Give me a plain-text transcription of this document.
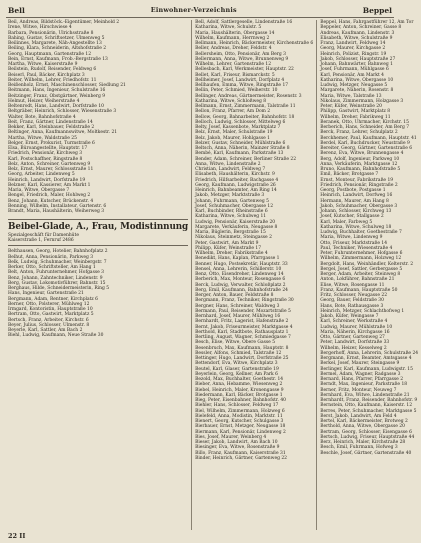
Bell	Einwohner-Verzeichnis	Beppel
Beil, Andreas, Bildstöck.-Eigentümer, Meinhold 2
Irene, Witwe, Hirschwiese 4
Barbara, Pensionärin, Ulrichsstraße 8
Bahing, Gustav, Schriftsetzer, Ulmenweg 5
Beilinnes, Margarete, Näh-Angestellte 13
Beiling, Klara, Schneiderin, Altshofstraße 2
Georg, Hauptmann, Gartenstraße 12
Bein, Ernst, Kaufmann, Frob.-Bergstraße 13
Martha, Witwe, Kaiserstraße 9
Beilstein, Rudolf, Reisender, Feldweg 6
Beiserl, Paul, Bäcker, Kirchplatz 3
Beiter, Wilhelm, Lehrer, Friedhofstr. 11
Beißenholz, Ernst, Maschinenschlosser, Siedlung 21
Beitmann, Hans, Ingenieur, Schulstraße 16
Beitzinger, Franz, Obstgärtner, Weinberg 9
Helmut, Heizer, Weiherstraße 4
Beltenrodt, Hans, Landwirt, Dorfstraße 10
Beltgräber, Heinrich, Schlosser, Wiesenstraße 3
Walter, Bote, Bahnhofstraße 4
Beit, Franz, Gärtner, Lindenstraße 14
Bekker, Karl, Steinbauer, Feldstraße 2
Beltinger, Anna, Kaufmannswitwe, Moltkestr. 21
Martha, Witwe, Waldstraße 25
Belger, Ernst, Prokurist, Turmstraße 6
Elsa, Büroangestellte, Hauptstr. 17
Friedrich, Pensionär, Kirchweg 3
Karl, Postschaffner, Ringstraße 8
Belz, Anton, Schreiner, Gartenweg 9
Belz, Ernst, Maurer, Schlossstraße 11
Georg, Arbeiter, Lindenweg 5
Heinrich, Landwirt, Dorfstraße 19
Belzner, Karl, Kassierer, Am Markt 1
Maria, Witwe, Obergasse 7
Bengel, Friedrich, Maler, Hohlweg 2
Benz, Johann, Kutscher, Brückenstr. 4
Benning, Wilhelm, Installateur, Gartenstr. 6
Brandt, Maria, Haushälterin, Weiherweg 3
Beibel-Glade, A., Frau, Modistinnung
Spezialgeschäft für Damenhüte
Kaiserstraße 1, Fernruf 2486
Belthausen, Georg, Hotelier, Bahnhofplatz 2
Belhut, Anna, Pensionärin, Parkweg 3
Belk, Ludwig, Schuhmacher, Weinbergstr. 7
Berker, Otto, Schriftsteller, Am Hang 1
Belt, Anton, Fuhrunternehmer, Hofgasse 3
Benz, Johann, Zahntechniker, Lindenstr. 9
Berg, Gustav, Lokomotivführer, Bahnstr. 15
Berghaus, Hilde, Schneidermeisterin, Ring 5
Hans, Ingenieur, Gartenstraße 21
Bergmann, Adam, Rentner, Kirchplatz 6
Berner, Otto, Polsterer, Mühlweg 12
Irmgard, Kontoristin, Hauptstraße 10
Bertram, Otto, Gastwirt, Marktplatz 5
Bertsch, Franz, Arbeiter, Kirchstr. 6
Beyer, Julius, Schlosser, Ulmenstr. 8
Beyerle, Karl, Sattler, Am Bach 2
Biehl, Ludwig, Kaufmann, Neue Straße 30
Bell, Adolf, Sattlergeselle, Lindenstraße 16
Katharina, Witwe, Schulstr. 5
Maria, Haushälterin, Obergasse 14
Wilhelm, Kaufmann, Herrnweg 2
Bellmann, Heinrich, Bäckermeister, Kirchenstraße 6
Beller, Andreas, Dreher, Feldstr. 4
Bellersheim, Otto, Pensionär, Am Berg 3
Bellermann, Anna, Witwe, Brunnenweg 9
Wilhelm, Lehrer, Gartenstraße 12
Bellesbach, Karl, Werkmeister, Hauptstr. 22
Bellet, Karl, Friseur, Bismarckstr. 5
Bellheimer, Josef, Landwirt, Dorfplatz 4
Bellhaufen, Emma, Witwe, Ringstraße 17
Bellin, Peter, Schmied, Weiherstr. 10
Bellinger, Andreas, Gärtnermeister, Rosenstr. 3
Katharina, Witwe, Schloßweg 8
Bellmann, Ernst, Zimmermann, Talstraße 11
Bellon, Franz, Pfarrer, Am Dom 2
Bellow, Georg, Bahnarbeiter, Bahnhofstr. 18
Belloch, Ludwig, Schlosser, Mittelweg 6
Belty, Josef, Kassenbote, Marktplatz 7
Belz, Ernst, Maler, Schulstraße 19
Belz, Jakob, Maurer, Hohlgasse 1
Belzer, Gustav, Schneider, Mühlstraße 6
Beltsch, Anna, Näherin, Mainzer Straße 8
Bembé, Karl, Kaufmann, Parkstraße 13
Bender, Adam, Schreiner, Berliner Straße 22
Anna, Witwe, Lindenstraße 2
Christian, Landwirt, Feldweg 7
Elisabeth, Haushälterin, Kirchstr. 9
Friedrich, Hilfsarbeiter, Bachgasse 4
Georg, Kaufmann, Ludwigstraße 26
Heinrich, Bahnbeamter, Am Ring 14
Jakob, Metzger, Marktstraße 3
Johann, Fuhrmann, Gartenweg 5
Josef, Schuhmacher, Obergasse 12
Karl, Buchbinder, Rheinstraße 6
Katharina, Witwe, Schulweg 11
Ludwig, Pensionär, Kaiserstraße 20
Margarete, Verkäuferin, Neugasse 8
Maria, Büglerin, Bergstraße 15
Nikolaus, Steinmetz, Steingasse 2
Peter, Gastwirt, Am Markt 9
Philipp, Küfer, Weinstraße 17
Wilhelm, Dreher, Fabrikstraße 4
Benedikt, Hans, Kaplan, Pfarrgasse 1
Benner, Hugo, Postsekretär, Hauptstr. 33
Bensel, Anna, Lehrerin, Schillerstr. 10
Benz, Otto, Eisendreher, Lindenweg 14
Berberich, Max, Monteur, Rosengasse 6
Berck, Ludwig, Verwalter, Schloßplatz 2
Berg, Emil, Kaufmann, Bahnhofstraße 24
Berger, Anton, Bauer, Feldstraße 8
Bergmann, Franz, Techniker, Ringstraße 30
Bergner, Hans, Schreiner, Waldweg 3
Bermann, Paul, Reisender, Mozartstraße 5
Bernhard, Josef, Maurer, Mühlweg 16
Bernhardt, Fritz, Lagerist, Hafenstraße 2
Bernt, Jakob, Friseurmeister, Marktgasse 4
Berthold, Karl, Stadtbote, Rathausplatz 1
Bertling, August, Wagner, Schmiedgasse 7
Besch, Elise, Witwe, Obere Gasse 5
Besenbruch, Max, Kaufmann, Hauptstr. 8
Bessler, Alfons, Schmied, Talstraße 12
Bettinger, Hugo, Landwirt, Dorfstraße 25
Bettendorf, Eva, Witwe, Kirchplatz 3
Beutel, Karl, Glaser, Gartenstraße 19
Beyerlein, Georg, Kellner, Am Park 6
Bezold, Max, Buchhalter, Goethestr. 14
Bieber, Anna, Hebamme, Wiesenweg 2
Biebel, Heinrich, Maler, Kronengasse 9
Biedermann, Karl, Bäcker, Brotgasse 1
Bieg, Peter, Eisenbahner, Bahnhofstr. 40
Biehler, Hans, Schlosser, Feldweg 17
Biel, Wilhelm, Zimmermann, Holzweg 6
Bielefeld, Anna, Modistin, Marktstr. 11
Bienert, Georg, Kutscher, Schulgasse 3
Bierbauer, Ernst, Metzger, Neugasse 18
Biermann, Karl, Pensionär, Lindenweg 2
Bies, Josef, Maurer, Weinberg 4
Bieser, Jakob, Landwirt, Am Bach 10
Biesinger, Eva, Witwe, Rosenstraße 9
Billo, Franz, Kaufmann, Kaiserstraße 31
Binder, Heinrich, Gärtner, Gartenweg 22
Beppel, Hans, Fahrgastführer 12, Am Tor
Beppeler, Anton, Schreiner, Gasse 8
Andreas, Kaufmann, Lindenstr. 3
Elisabeth, Witwe, Schulstraße 9
Franz, Landwirt, Feldweg 14
Georg, Maurer, Kirchgasse 2
Heinrich, Polizist, Ringstr. 19
Jakob, Schlosser, Hauptstraße 27
Johann, Bahnwärter, Bahnweg 1
Josef, Fuhrmann, Mühlgasse 6
Karl, Pensionär, Am Markt 4
Katharina, Witwe, Obergasse 10
Ludwig, Metzger, Neugasse 5
Margarete, Näherin, Rosenstr. 8
Maria, Witwe, Talstraße 13
Nikolaus, Zimmermann, Holzgasse 3
Peter, Küfer, Weinstraße 20
Philipp, Gastwirt, Marktplatz 8
Wilhelm, Dreher, Fabrikweg 11
Beranek, Otto, Uhrmacher, Kirchstr. 15
Berberich, Hans, Schneider, Am Berg 7
Berck, Franz, Lehrer, Schulplatz 2
Berckhemer, Paul, Kaufmann, Hauptstr. 41
Berdel, Karl, Buchdrucker, Neustraße 9
Bereiter, Georg, Gärtner, Gartenstraße 6
Berenz, Eva, Witwe, Brunnengasse 4
Berg, Adolf, Ingenieur, Parkweg 10
Anna, Verkäuferin, Marktgasse 12
Bruno, Kaufmann, Bahnhofstraße 5
Emil, Bäcker, Brotgasse 7
Ernst, Monteur, Fabrikstraße 19
Friedrich, Pensionär, Ringstraße 2
Georg, Postbote, Postgasse 1
Heinrich, Landwirt, Dorfweg 16
Hermann, Maurer, Am Hang 8
Jakob, Schuhmacher, Obergasse 3
Johann, Schlosser, Kirchweg 13
Josef, Kutscher, Stallgasse 2
Karl, Maler, Farbweg 5
Katharina, Witwe, Schulweg 18
Ludwig, Buchhalter, Goethestraße 7
Maria, Witwe, Lindenweg 9
Otto, Friseur, Marktstraße 14
Paul, Techniker, Wiesenstraße 4
Peter, Fuhrunternehmer, Hofgasse 6
Wilhelm, Zimmermann, Holzweg 12
Bergdolt, Hans, Weinhändler, Kelterstr. 2
Bergel, Josef, Sattler, Gerbergasse 5
Berger, Adam, Arbeiter, Steinweg 8
Anton, Lokführer, Bahnstraße 21
Elise, Witwe, Rosengasse 11
Franz, Kaufmann, Hauptstraße 50
Fritz, Schlosser, Neugasse 22
Georg, Bauer, Feldstraße 30
Hans, Bote, Rathausgasse 3
Heinrich, Metzger, Schlachthofweg 1
Jakob, Küfer, Weingasse 7
Karl, Schreiner, Werkstraße 4
Ludwig, Maurer, Mühlstraße 10
Maria, Näherin, Kirchgasse 16
Otto, Gärtner, Gartenweg 27
Peter, Landwirt, Dorfstraße 33
Wilhelm, Heizer, Kesselweg 2
Bergerhoff, Anna, Lehrerin, Schulstraße 24
Bergmann, Ernst, Beamter, Amtsgasse 4
Berkel, Josef, Maurer, Steingasse 9
Berlinger, Karl, Kaufmann, Ludwigstr. 15
Bermel, Adam, Wagner, Radgasse 3
Bernard, Hans, Pfarrer, Pfarrgasse 2
Berndt, Max, Ingenieur, Parkstraße 18
Berner, Fritz, Monteur, Neuweg 7
Bernhard, Eva, Witwe, Lindenstraße 21
Bernhardt, Franz, Reisender, Bahnhofstr. 9
Bernstein, Otto, Kaufmann, Kaiserstr. 12
Berres, Peter, Schuhmacher, Marktgasse 5
Berst, Jakob, Landwirt, Am Feld 4
Bertel, Karl, Bäckermeister, Brotweg 2
Berthold, Anna, Witwe, Obergasse 20
Bertram, Georg, Schlosser, Eisengasse 6
Bertsch, Ludwig, Friseur, Hauptstraße 44
Berz, Heinrich, Maler, Kirchstraße 28
Besch, Emil, Fuhrmann, Hofweg 3
Beschle, Josef, Gärtner, Gartenstraße 40
22 II
